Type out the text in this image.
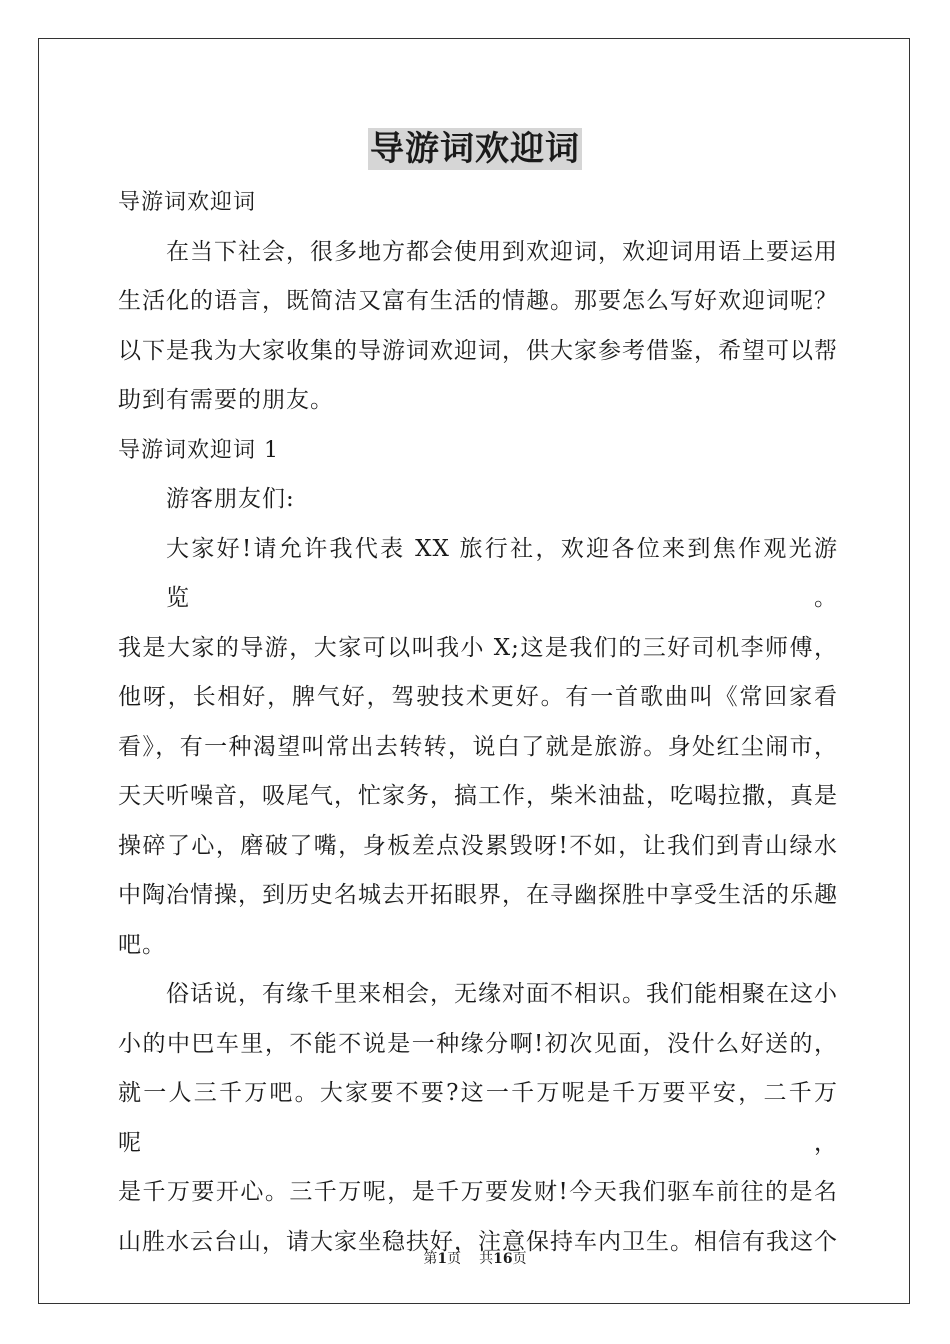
导游词欢迎词
导游词欢迎词
在当下社会，很多地方都会使用到欢迎词，欢迎词用语上要运用
生活化的语言，既简洁又富有生活的情趣。那要怎么写好欢迎词呢？
以下是我为大家收集的导游词欢迎词，供大家参考借鉴，希望可以帮
助到有需要的朋友。
导游词欢迎词 1
游客朋友们:
大家好!请允许我代表 XX 旅行社，欢迎各位来到焦作观光游览。
我是大家的导游，大家可以叫我小 X;这是我们的三好司机李师傅，
他呀，长相好，脾气好，驾驶技术更好。有一首歌曲叫《常回家看
看》，有一种渴望叫常出去转转，说白了就是旅游。身处红尘闹市，
天天听噪音，吸尾气，忙家务，搞工作，柴米油盐，吃喝拉撒，真是
操碎了心，磨破了嘴，身板差点没累毁呀!不如，让我们到青山绿水
中陶冶情操，到历史名城去开拓眼界，在寻幽探胜中享受生活的乐趣
吧。
俗话说，有缘千里来相会，无缘对面不相识。我们能相聚在这小
小的中巴车里，不能不说是一种缘分啊!初次见面，没什么好送的，
就一人三千万吧。大家要不要?这一千万呢是千万要平安，二千万呢，
是千万要开心。三千万呢，是千万要发财!今天我们驱车前往的是名
山胜水云台山，请大家坐稳扶好，注意保持车内卫生。相信有我这个
第1页 共16页
